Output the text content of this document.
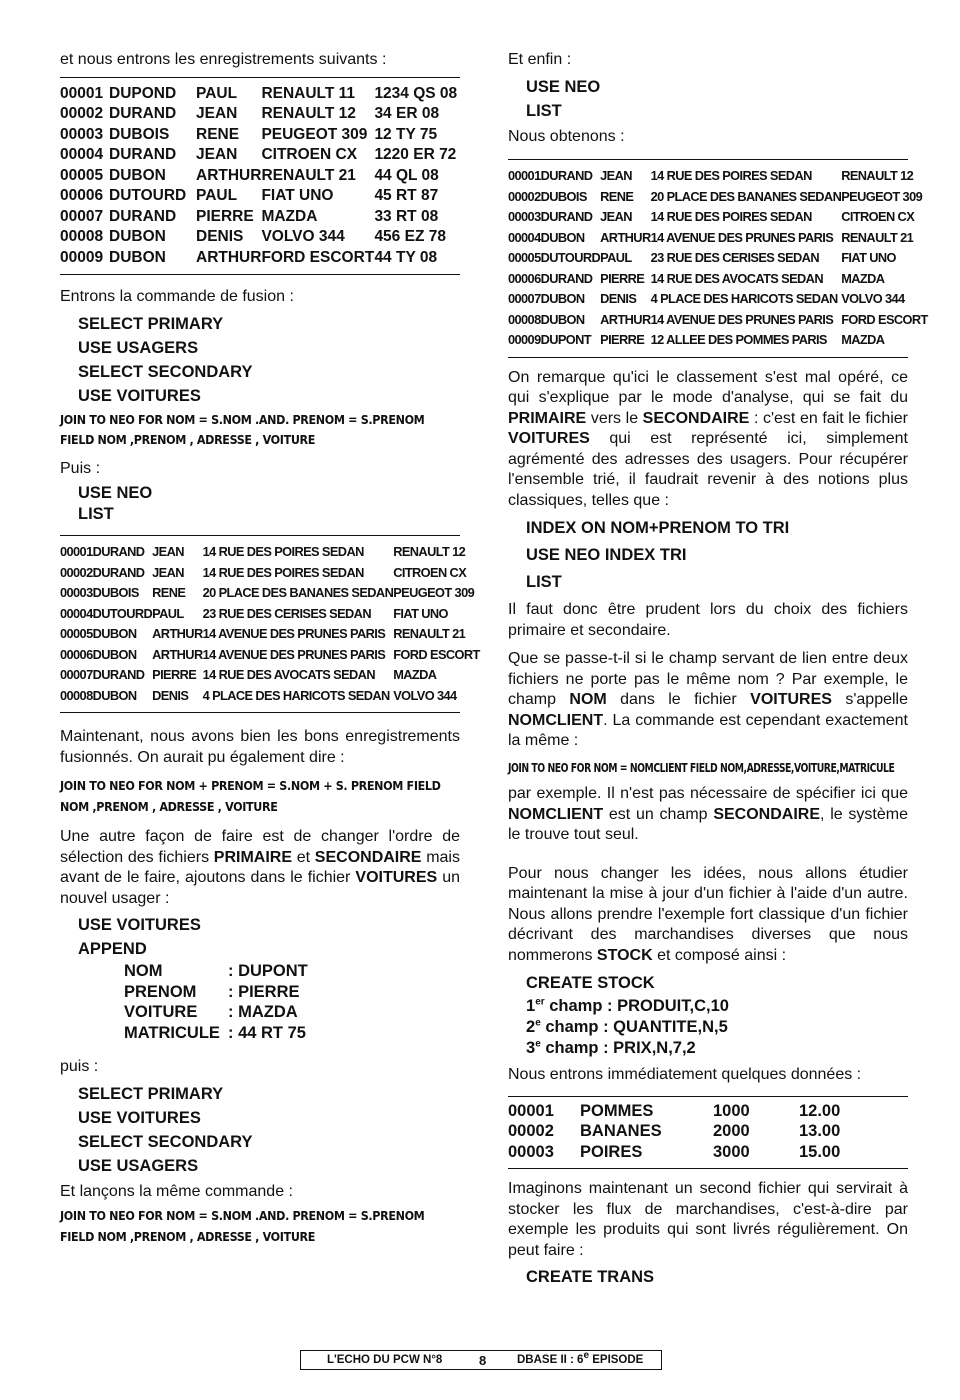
et nous entrons les enregistrements suivants :

00001	DUPOND	PAUL	RENAULT 11	1234 QS 08
00002	DURAND	JEAN	RENAULT 12	34 ER 08
00003	DUBOIS	RENE	PEUGEOT 309	12 TY 75
00004	DURAND	JEAN	CITROEN CX	1220 ER 72
00005	DUBON	ARTHUR	RENAULT 21	44 QL 08
00006	DUTOURD	PAUL	FIAT UNO	45 RT 87
00007	DURAND	PIERRE	MAZDA	33 RT 08
00008	DUBON	DENIS	VOLVO 344	456 EZ 78
00009	DUBON	ARTHUR	FORD ESCORT	44 TY 08

Entrons la commande de fusion :

SELECT PRIMARY

USE USAGERS

SELECT SECONDARY

USE VOITURES

JOIN TO NEO FOR NOM = S.NOM .AND. PRENOM = S.PRENOM FIELD NOM ,PRENOM , ADRESSE , VOITURE

Puis :

USE NEO

LIST

00001	DURAND	JEAN	14 RUE DES POIRES SEDAN	RENAULT 12
00002	DURAND	JEAN	14 RUE DES POIRES SEDAN	CITROEN CX
00003	DUBOIS	RENE	20 PLACE DES BANANES SEDAN	PEUGEOT 309
00004	DUTOURD	PAUL	23 RUE DES CERISES SEDAN	FIAT UNO
00005	DUBON	ARTHUR	14 AVENUE DES PRUNES PARIS	RENAULT 21
00006	DUBON	ARTHUR	14 AVENUE DES PRUNES PARIS	FORD ESCORT
00007	DURAND	PIERRE	14 RUE DES AVOCATS SEDAN	MAZDA
00008	DUBON	DENIS	4 PLACE DES HARICOTS SEDAN	VOLVO 344

Maintenant, nous avons bien les bons enregistrements fusionnés. On aurait pu également dire :

JOIN TO NEO FOR NOM + PRENOM = S.NOM + S. PRENOM FIELD NOM ,PRENOM , ADRESSE , VOITURE

Une autre façon de faire est de changer l'ordre de sélection des fichiers PRIMAIRE et SECONDAIRE mais avant de le faire, ajoutons dans le fichier VOITURES un nouvel usager :

USE VOITURES

APPEND

NOM	: DUPONT
PRENOM : PIERRE
VOITURE : MAZDA
MATRICULE : 44 RT 75

puis :

SELECT PRIMARY

USE VOITURES

SELECT SECONDARY

USE USAGERS

Et lançons la même commande :

JOIN TO NEO FOR NOM = S.NOM .AND. PRENOM = S.PRENOM FIELD NOM ,PRENOM , ADRESSE , VOITURE

Et enfin :

USE NEO

LIST

Nous obtenons :

00001	DURAND	JEAN	14 RUE DES POIRES SEDAN	RENAULT 12
00002	DUBOIS	RENE	20 PLACE DES BANANES SEDAN	PEUGEOT 309
00003	DURAND	JEAN	14 RUE DES POIRES SEDAN	CITROEN CX
00004	DUBON	ARTHUR	14 AVENUE DES PRUNES PARIS	RENAULT 21
00005	DUTOURD	PAUL	23 RUE DES CERISES SEDAN	FIAT UNO
00006	DURAND	PIERRE	14 RUE DES AVOCATS SEDAN	MAZDA
00007	DUBON	DENIS	4 PLACE DES HARICOTS SEDAN	VOLVO 344
00008	DUBON	ARTHUR	14 AVENUE DES PRUNES PARIS	FORD ESCORT
00009	DUPONT	PIERRE	12 ALLEE DES POMMES PARIS	MAZDA

On remarque qu'ici le classement s'est mal opéré, ce qui s'explique par le mode d'analyse, qui se fait du PRIMAIRE vers le SECONDAIRE : c'est en fait le fichier VOITURES qui est représenté ici, simplement agrémenté des adresses des usagers. Pour récupérer l'ensemble trié, il faudrait revenir à des notions plus classiques, telles que :

INDEX ON NOM+PRENOM TO TRI

USE NEO INDEX TRI

LIST

Il faut donc être prudent lors du choix des fichiers primaire et secondaire.

Que se passe-t-il si le champ servant de lien entre deux fichiers ne porte pas le même nom ? Par exemple, le champ NOM dans le fichier VOITURES s'appelle NOMCLIENT. La commande est cependant exactement la même :

JOIN TO NEO FOR NOM = NOMCLIENT FIELD NOM,ADRESSE,VOITURE,MATRICULE

par exemple. Il n'est pas nécessaire de spécifier ici que NOMCLIENT est un champ SECONDAIRE, le système le trouve tout seul.

Pour nous changer les idées, nous allons étudier maintenant la mise à jour d'un fichier à l'aide d'un autre. Nous allons prendre l'exemple fort classique d'un fichier décrivant des marchandises diverses que nous nommerons STOCK et composé ainsi :

CREATE STOCK

1er champ : PRODUIT,C,10

2e champ : QUANTITE,N,5

3e champ : PRIX,N,7,2

Nous entrons immédiatement quelques données :

00001	POMMES	1000	12.00
00002	BANANES	2000	13.00
00003	POIRES	3000	15.00

Imaginons maintenant un second fichier qui servirait à stocker les flux de marchandises, c'est-à-dire par exemple les produits qui sont livrés régulièrement. On peut faire :

CREATE TRANS

L'ECHO DU PCW N°8	8	DBASE II : 6e EPISODE
